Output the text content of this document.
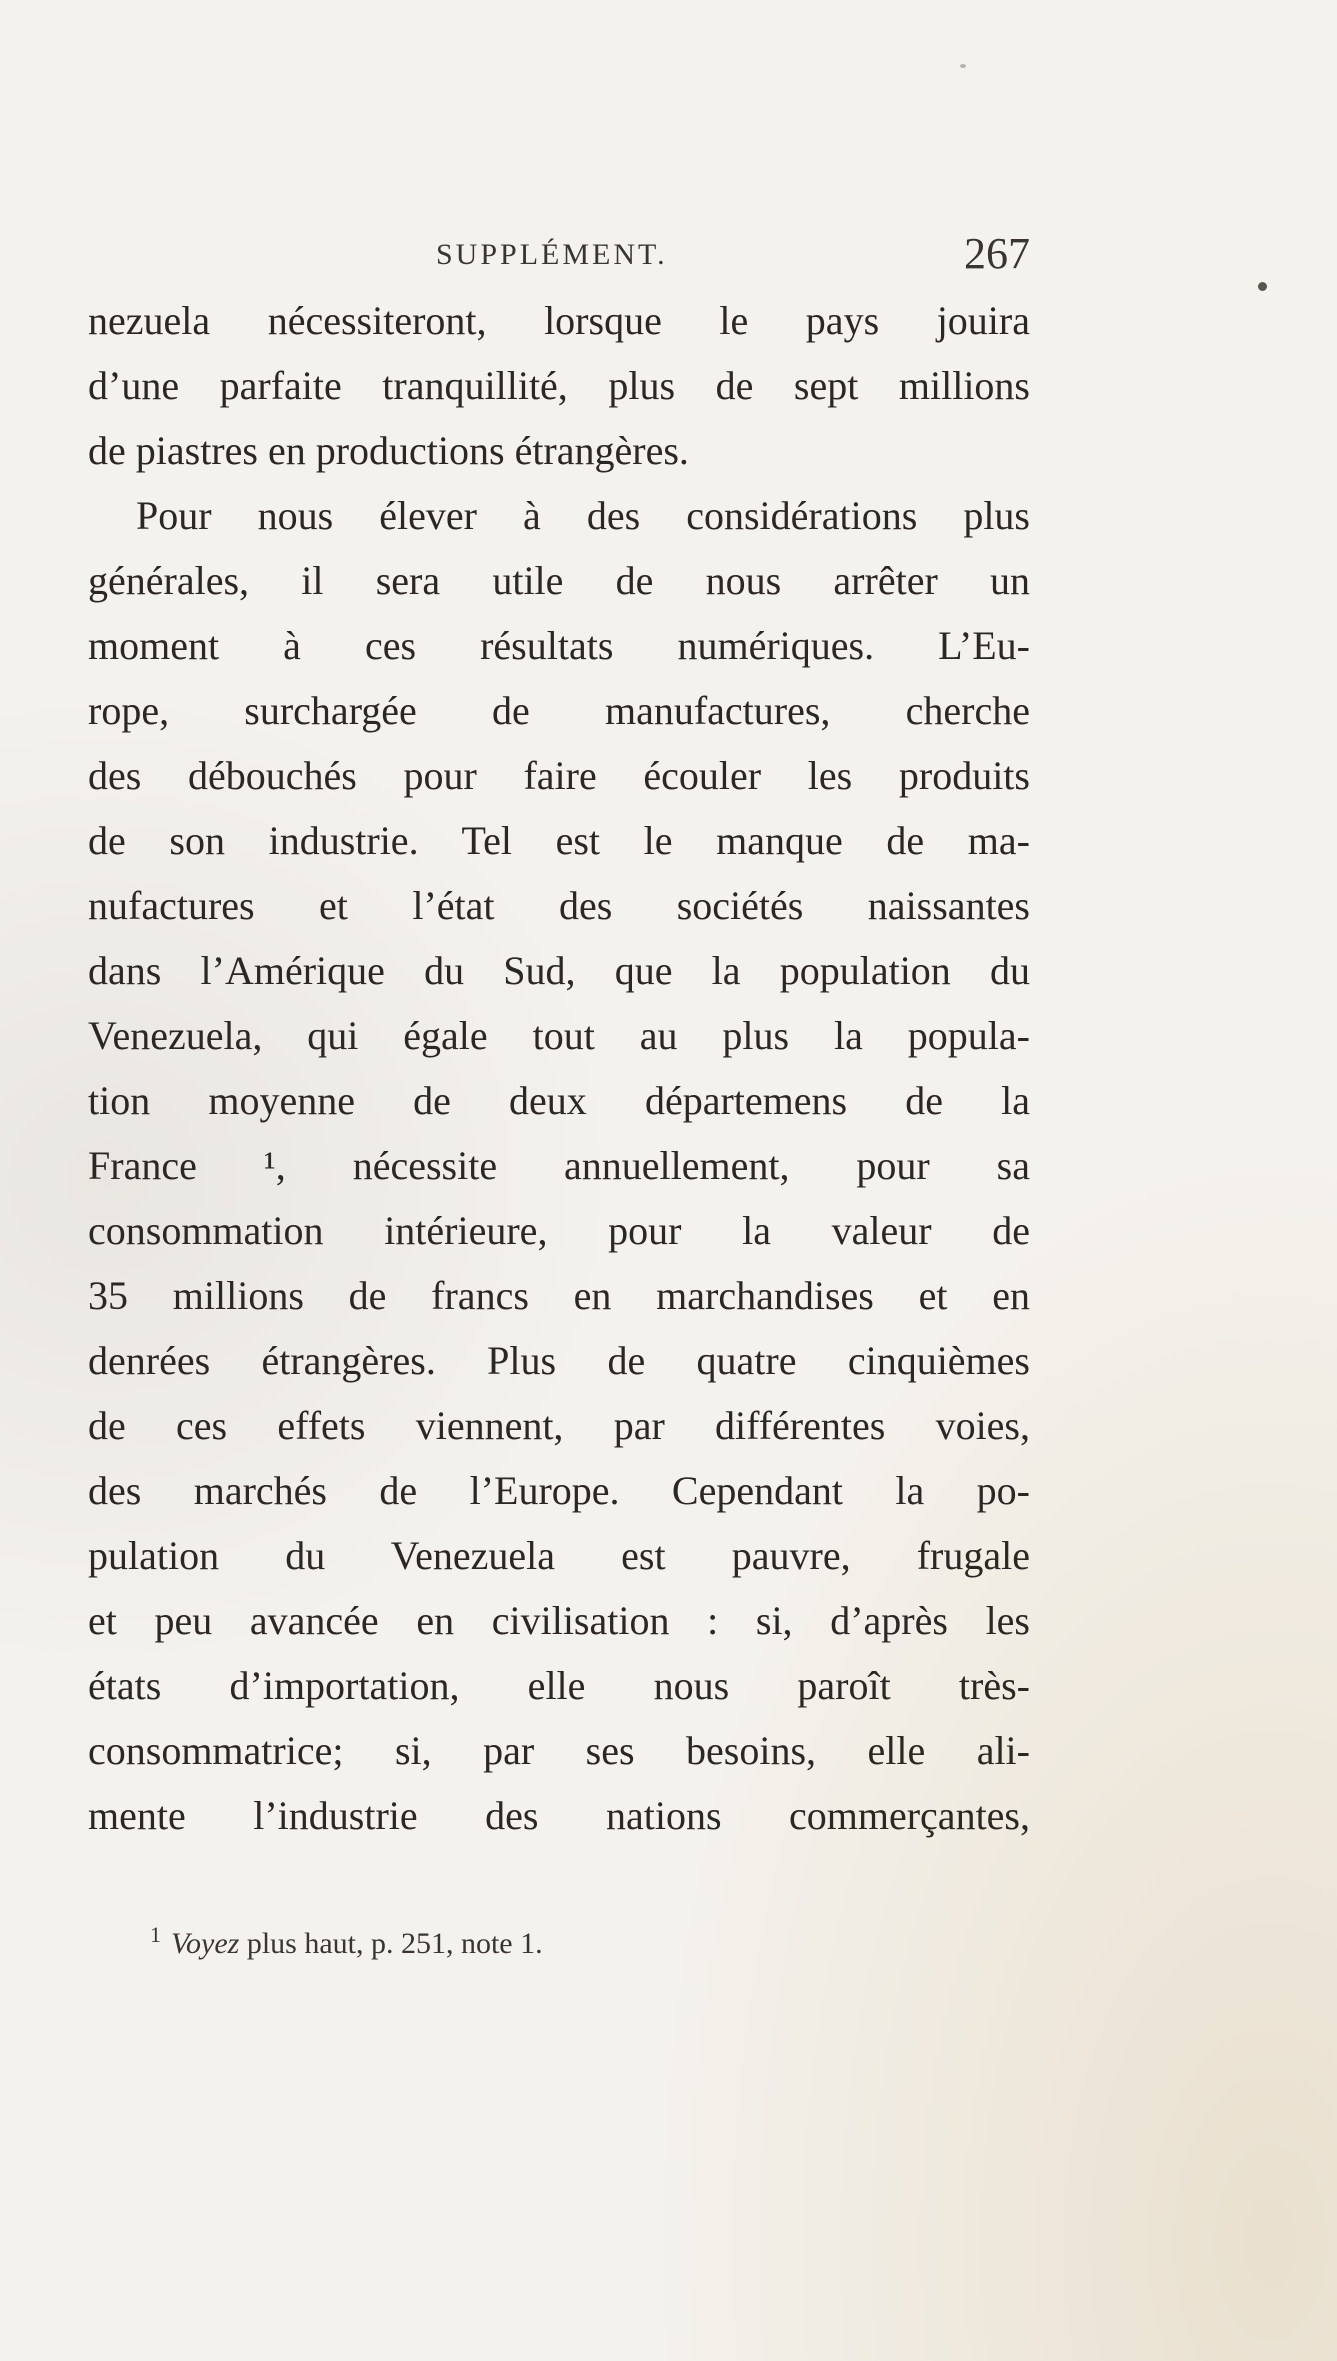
SUPPLÉMENT.	267
nezuela nécessiteront, lorsque le pays jouira
d’une parfaite tranquillité, plus de sept millions
de piastres en productions étrangères.
Pour nous élever à des considérations plus
générales, il sera utile de nous arrêter un
moment à ces résultats numériques. L’Eu-
rope, surchargée de manufactures, cherche
des débouchés pour faire écouler les produits
de son industrie. Tel est le manque de ma-
nufactures et l’état des sociétés naissantes
dans l’Amérique du Sud, que la population du
Venezuela, qui égale tout au plus la popula-
tion moyenne de deux départemens de la
France ¹, nécessite annuellement, pour sa
consommation intérieure, pour la valeur de
35 millions de francs en marchandises et en
denrées étrangères. Plus de quatre cinquièmes
de ces effets viennent, par différentes voies,
des marchés de l’Europe. Cependant la po-
pulation du Venezuela est pauvre, frugale
et peu avancée en civilisation : si, d’après les
états d’importation, elle nous paroît très-
consommatrice; si, par ses besoins, elle ali-
mente l’industrie des nations commerçantes,
$^1$ Voyez plus haut, p. 251, note 1.
